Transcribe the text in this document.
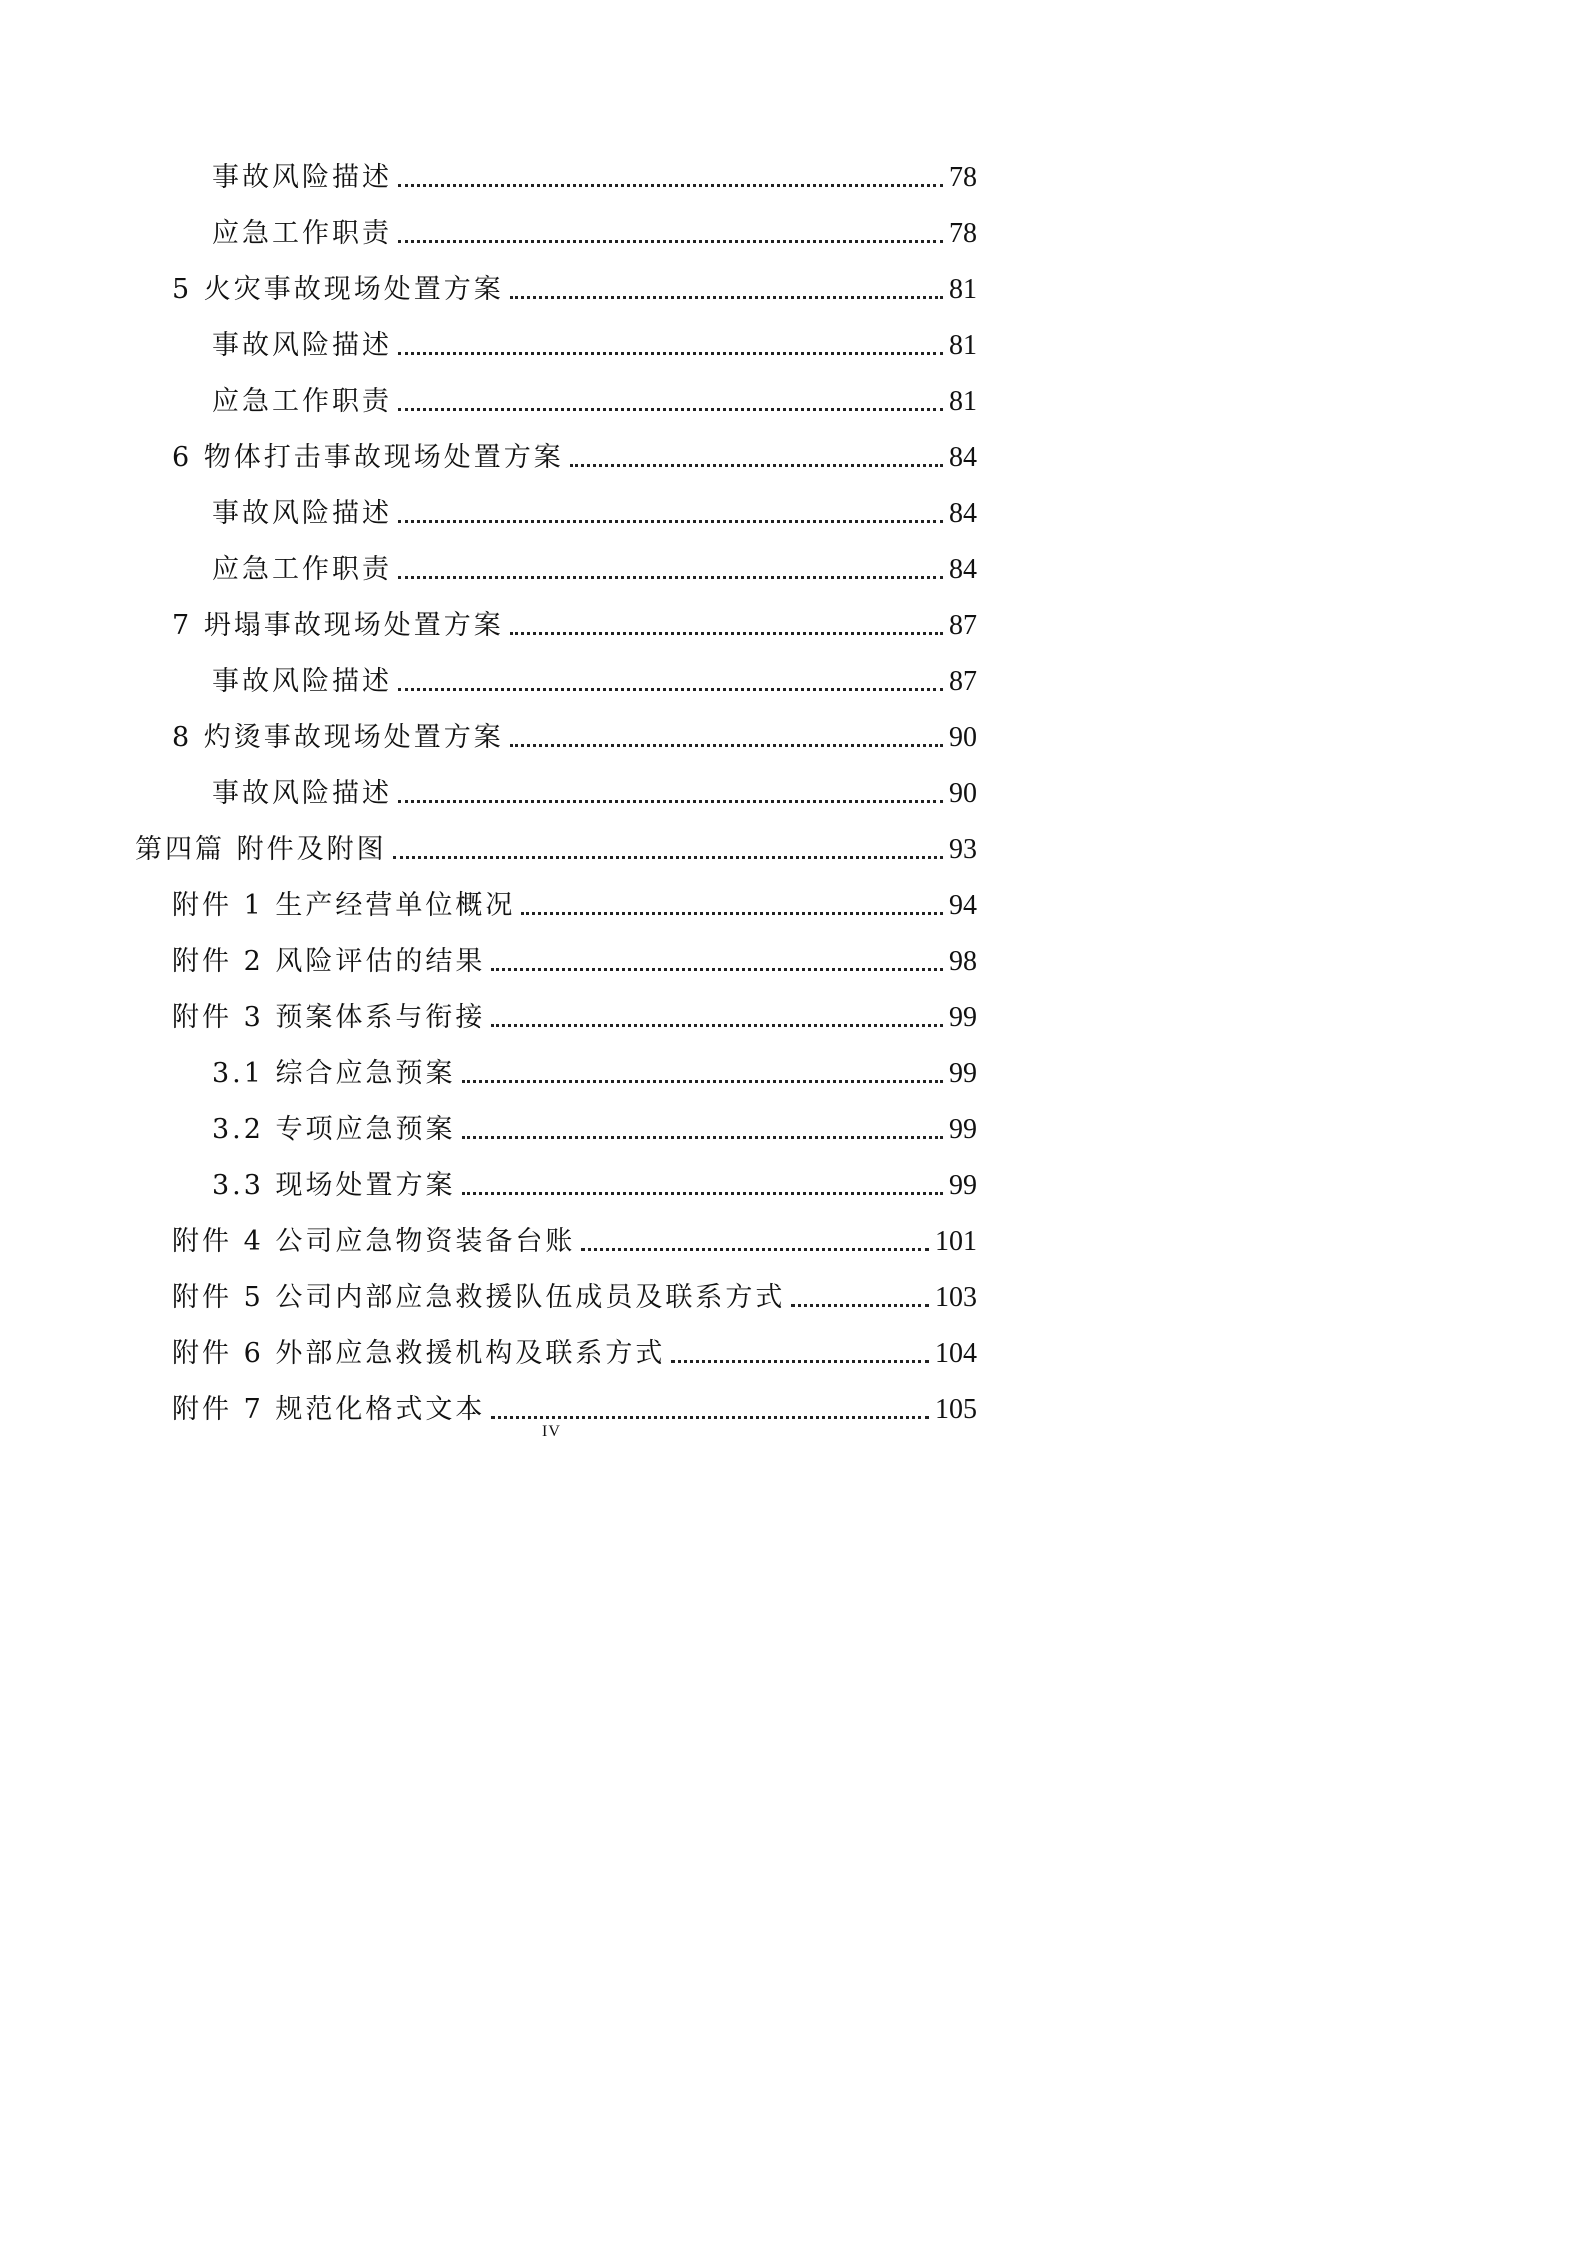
事故风险描述	78
应急工作职责	78
5 火灾事故现场处置方案	81
事故风险描述	81
应急工作职责	81
6 物体打击事故现场处置方案	84
事故风险描述	84
应急工作职责	84
7 坍塌事故现场处置方案	87
事故风险描述	87
8 灼烫事故现场处置方案	90
事故风险描述	90
第四篇 附件及附图	93
附件 1 生产经营单位概况	94
附件 2 风险评估的结果	98
附件 3 预案体系与衔接	99
3.1 综合应急预案	99
3.2 专项应急预案	99
3.3 现场处置方案	99
附件 4 公司应急物资装备台账	101
附件 5 公司内部应急救援队伍成员及联系方式	103
附件 6 外部应急救援机构及联系方式	104
附件 7 规范化格式文本	105
IV
